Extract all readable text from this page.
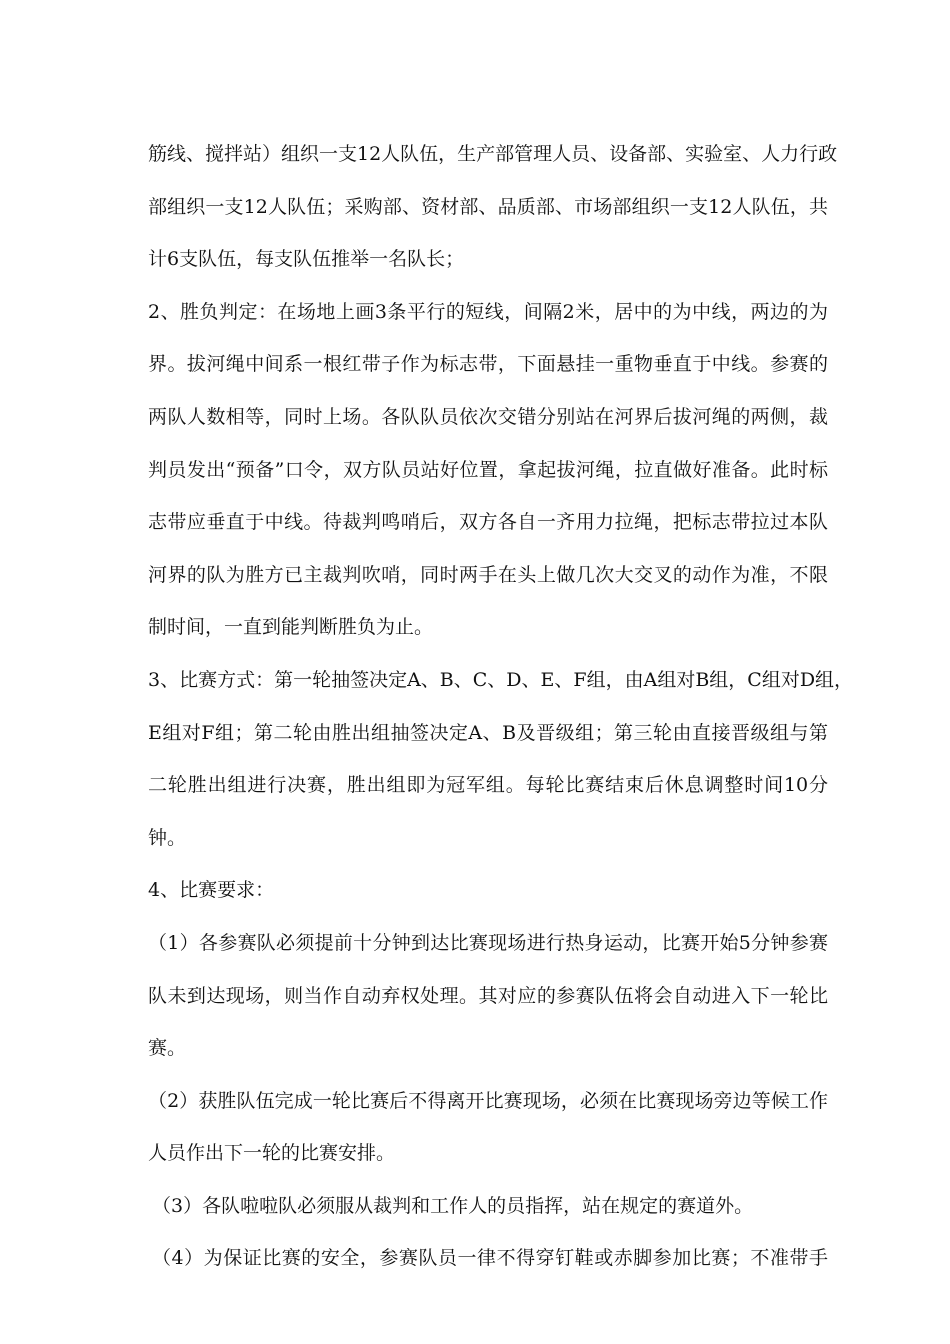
筋线、搅拌站）组织一支12人队伍，生产部管理人员、设备部、实验室、人力行政
部组织一支12人队伍；采购部、资材部、品质部、市场部组织一支12人队伍，共
计6支队伍，每支队伍推举一名队长；
2、胜负判定：在场地上画3条平行的短线，间隔2米，居中的为中线，两边的为
界。拔河绳中间系一根红带子作为标志带，下面悬挂一重物垂直于中线。参赛的
两队人数相等，同时上场。各队队员依次交错分别站在河界后拔河绳的两侧，裁
判员发出“预备”口令，双方队员站好位置，拿起拔河绳，拉直做好准备。此时标
志带应垂直于中线。待裁判鸣哨后，双方各自一齐用力拉绳，把标志带拉过本队
河界的队为胜方已主裁判吹哨，同时两手在头上做几次大交叉的动作为准，不限
制时间，一直到能判断胜负为止。
3、比赛方式：第一轮抽签决定A、B、C、D、E、F组，由A组对B组，C组对D组，
E组对F组；第二轮由胜出组抽签决定A、B及晋级组；第三轮由直接晋级组与第
二轮胜出组进行决赛，胜出组即为冠军组。每轮比赛结束后休息调整时间10分
钟。
4、比赛要求：
（1）各参赛队必须提前十分钟到达比赛现场进行热身运动，比赛开始5分钟参赛
队未到达现场，则当作自动弃权处理。其对应的参赛队伍将会自动进入下一轮比
赛。
（2）获胜队伍完成一轮比赛后不得离开比赛现场，必须在比赛现场旁边等候工作
人员作出下一轮的比赛安排。
（3）各队啦啦队必须服从裁判和工作人的员指挥，站在规定的赛道外。
（4）为保证比赛的安全，参赛队员一律不得穿钉鞋或赤脚参加比赛；不准带手
